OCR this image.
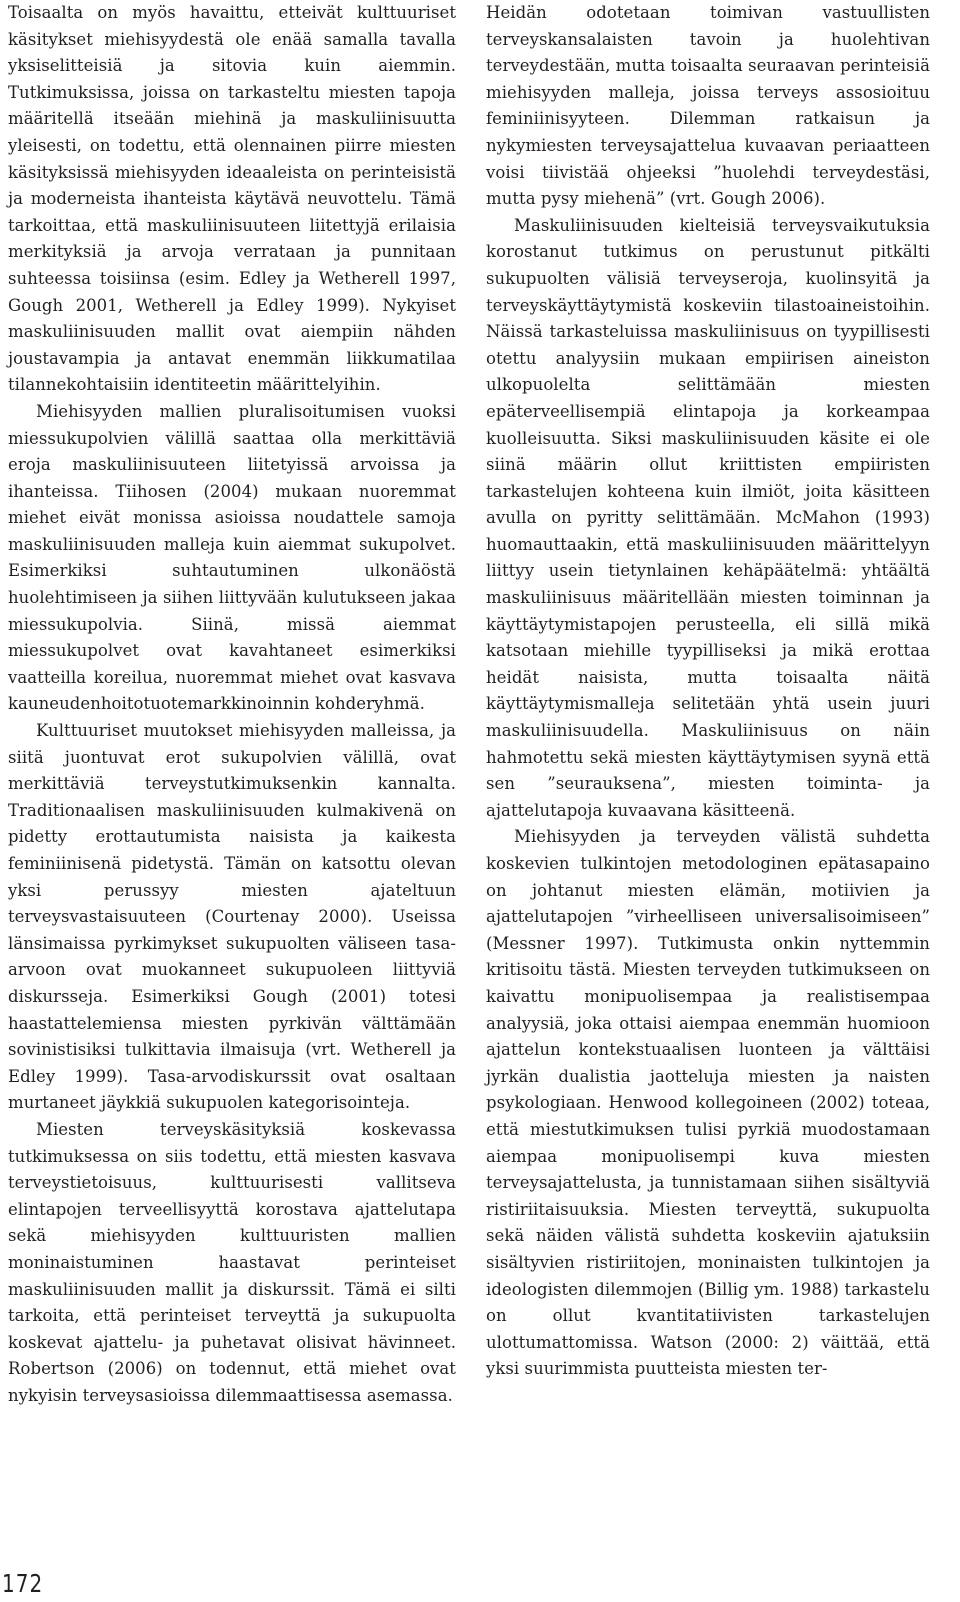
Toisaalta on myös havaittu, etteivät kulttuuriset käsitykset miehisyydestä ole enää samalla tavalla yksiselitteisiä ja sitovia kuin aiemmin. Tutkimuksissa, joissa on tarkasteltu miesten tapoja määritellä itseään miehinä ja maskuliinisuutta yleisesti, on todettu, että olennainen piirre miesten käsityksissä miehisyyden ideaaleista on perinteisistä ja moderneista ihanteista käytävä neuvottelu. Tämä tarkoittaa, että maskuliinisuuteen liitettyjä erilaisia merkityksiä ja arvoja verrataan ja punnitaan suhteessa toisiinsa (esim. Edley ja Wetherell 1997, Gough 2001, Wetherell ja Edley 1999). Nykyiset maskuliinisuuden mallit ovat aiempiin nähden joustavampia ja antavat enemmän liikkumatilaa tilannekohtaisiin identiteetin määrittelyihin.

Miehisyyden mallien pluralisoitumisen vuoksi miessukupolvien välillä saattaa olla merkittäviä eroja maskuliinisuuteen liitetyissä arvoissa ja ihanteissa. Tiihosen (2004) mukaan nuoremmat miehet eivät monissa asioissa noudattele samoja maskuliinisuuden malleja kuin aiemmat sukupolvet. Esimerkiksi suhtautuminen ulkonäöstä huolehtimiseen ja siihen liittyvään kulutukseen jakaa miessukupolvia. Siinä, missä aiemmat miessukupolvet ovat kavahtaneet esimerkiksi vaatteilla koreilua, nuoremmat miehet ovat kasvava kauneudenhoitotuotemarkkinoinnin kohderyhmä.

Kulttuuriset muutokset miehisyyden malleissa, ja siitä juontuvat erot sukupolvien välillä, ovat merkittäviä terveystutkimuksenkin kannalta. Traditionaalisen maskuliinisuuden kulmakivenä on pidetty erottautumista naisista ja kaikesta feminiinisenä pidetystä. Tämän on katsottu olevan yksi perussyy miesten ajateltuun terveysvastaisuuteen (Courtenay 2000). Useissa länsimaissa pyrkimykset sukupuolten väliseen tasa-arvoon ovat muokanneet sukupuoleen liittyviä diskursseja. Esimerkiksi Gough (2001) totesi haastattelemiensa miesten pyrkivän välttämään sovinistisiksi tulkittavia ilmaisuja (vrt. Wetherell ja Edley 1999). Tasa-arvodiskurssit ovat osaltaan murtaneet jäykkiä sukupuolen kategorisointeja.

Miesten terveyskäsityksiä koskevassa tutkimuksessa on siis todettu, että miesten kasvava terveystietoisuus, kulttuurisesti vallitseva elintapojen terveellisyyttä korostava ajattelutapa sekä miehisyyden kulttuuristen mallien moninaistuminen haastavat perinteiset maskuliinisuuden mallit ja diskurssit. Tämä ei silti tarkoita, että perinteiset terveyttä ja sukupuolta koskevat ajattelu- ja puhetavat olisivat hävinneet. Robertson (2006) on todennut, että miehet ovat nykyisin terveysasioissa dilemmaattisessa asemassa.

Heidän odotetaan toimivan vastuullisten terveyskansalaisten tavoin ja huolehtivan terveydestään, mutta toisaalta seuraavan perinteisiä miehisyyden malleja, joissa terveys assosioituu feminiinisyyteen. Dilemman ratkaisun ja nykymiesten terveysajattelua kuvaavan periaatteen voisi tiivistää ohjeeksi ”huolehdi terveydestäsi, mutta pysy miehenä” (vrt. Gough 2006).

Maskuliinisuuden kielteisiä terveysvaikutuksia korostanut tutkimus on perustunut pitkälti sukupuolten välisiä terveyseroja, kuolinsyitä ja terveyskäyttäytymistä koskeviin tilastoaineistoihin. Näissä tarkasteluissa maskuliinisuus on tyypillisesti otettu analyysiin mukaan empiirisen aineiston ulkopuolelta selittämään miesten epäterveellisempiä elintapoja ja korkeampaa kuolleisuutta. Siksi maskuliinisuuden käsite ei ole siinä määrin ollut kriittisten empiiristen tarkastelujen kohteena kuin ilmiöt, joita käsitteen avulla on pyritty selittämään. McMahon (1993) huomauttaakin, että maskuliinisuuden määrittelyyn liittyy usein tietynlainen kehäpäätelmä: yhtäältä maskuliinisuus määritellään miesten toiminnan ja käyttäytymistapojen perusteella, eli sillä mikä katsotaan miehille tyypilliseksi ja mikä erottaa heidät naisista, mutta toisaalta näitä käyttäytymismalleja selitetään yhtä usein juuri maskuliinisuudella. Maskuliinisuus on näin hahmotettu sekä miesten käyttäytymisen syynä että sen ”seurauksena”, miesten toiminta- ja ajattelutapoja kuvaavana käsitteenä.

Miehisyyden ja terveyden välistä suhdetta koskevien tulkintojen metodologinen epätasapaino on johtanut miesten elämän, motiivien ja ajattelutapojen ”virheelliseen universalisoimiseen” (Messner 1997). Tutkimusta onkin nyttemmin kritisoitu tästä. Miesten terveyden tutkimukseen on kaivattu monipuolisempaa ja realistisempaa analyysiä, joka ottaisi aiempaa enemmän huomioon ajattelun kontekstuaalisen luonteen ja välttäisi jyrkän dualistia jaotteluja miesten ja naisten psykologiaan. Henwood kollegoineen (2002) toteaa, että miestutkimuksen tulisi pyrkiä muodostamaan aiempaa monipuolisempi kuva miesten terveysajattelusta, ja tunnistamaan siihen sisältyviä ristiriitaisuuksia. Miesten terveyttä, sukupuolta sekä näiden välistä suhdetta koskeviin ajatuksiin sisältyvien ristiriitojen, moninaisten tulkintojen ja ideologisten dilemmojen (Billig ym. 1988) tarkastelu on ollut kvantitatiivisten tarkastelujen ulottumattomissa. Watson (2000: 2) väittää, että yksi suurimmista puutteista miesten ter-

172
